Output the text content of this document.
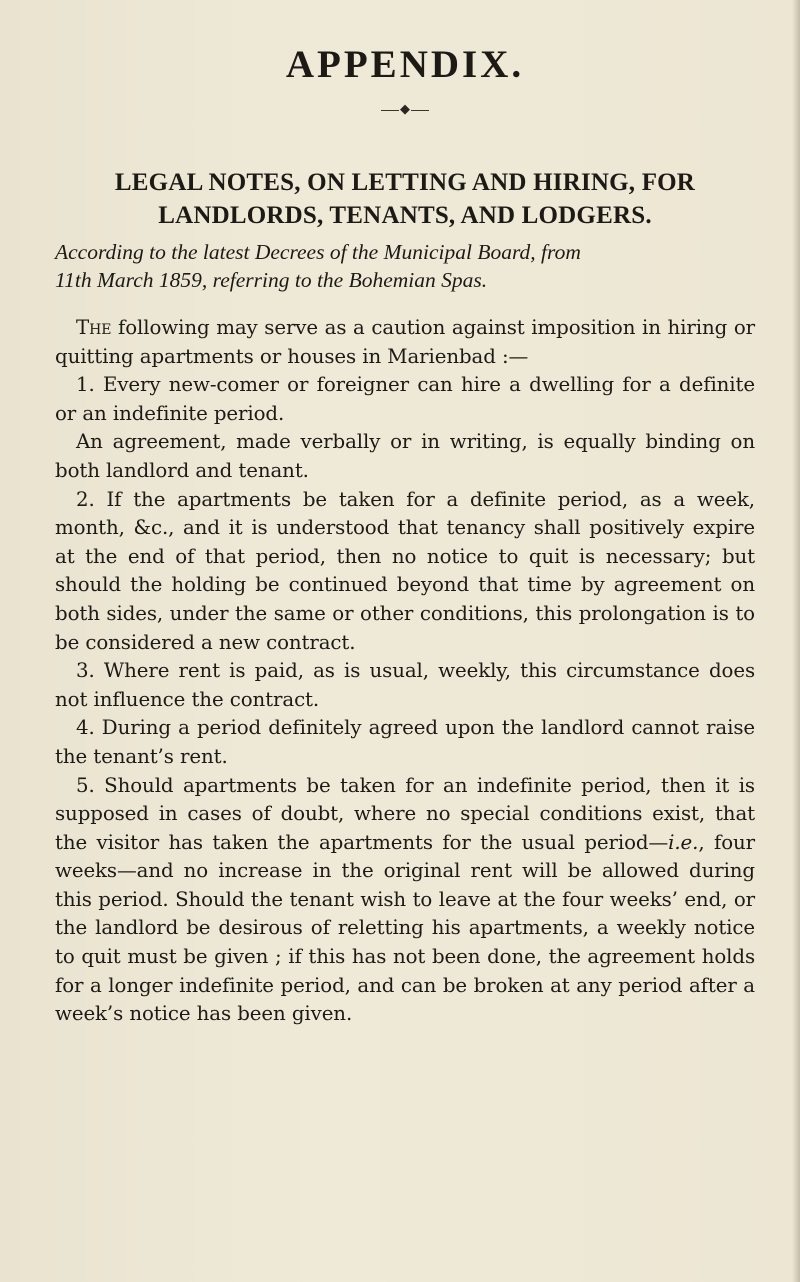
APPENDIX.
◆
LEGAL NOTES, ON LETTING AND HIRING, FOR
LANDLORDS, TENANTS, AND LODGERS.

According to the latest Decrees of the Municipal Board, from
11th March 1859, referring to the Bohemian Spas.

The following may serve as a caution against imposition in hiring or quitting apartments or houses in Marienbad :—

1. Every new-comer or foreigner can hire a dwelling for a definite or an indefinite period.

An agreement, made verbally or in writing, is equally binding on both landlord and tenant.

2. If the apartments be taken for a definite period, as a week, month, &c., and it is understood that tenancy shall positively expire at the end of that period, then no notice to quit is necessary; but should the holding be continued beyond that time by agreement on both sides, under the same or other conditions, this prolongation is to be considered a new contract.

3. Where rent is paid, as is usual, weekly, this circumstance does not influence the contract.

4. During a period definitely agreed upon the landlord cannot raise the tenant’s rent.

5. Should apartments be taken for an indefinite period, then it is supposed in cases of doubt, where no special conditions exist, that the visitor has taken the apartments for the usual period—i.e., four weeks—and no increase in the original rent will be allowed during this period. Should the tenant wish to leave at the four weeks’ end, or the landlord be desirous of reletting his apartments, a weekly notice to quit must be given ; if this has not been done, the agreement holds for a longer indefinite period, and can be broken at any period after a week’s notice has been given.
